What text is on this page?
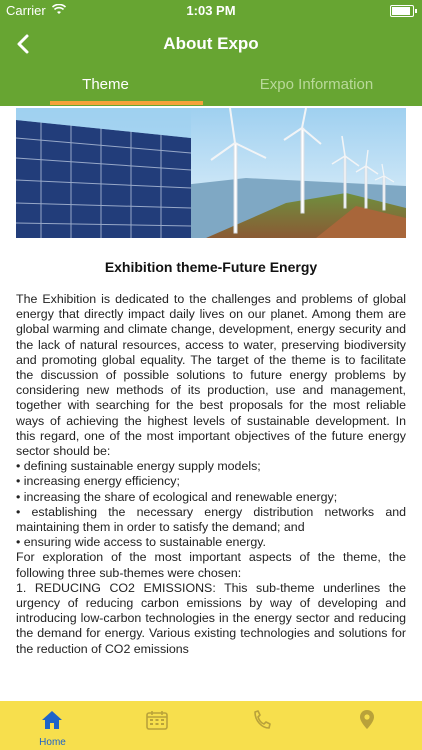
Carrier	1:03 PM
About Expo
Theme	Expo Information
Exhibition theme-Future Energy

The Exhibition is dedicated to the challenges and problems of global energy that directly impact daily lives on our planet. Among them are global warming and climate change, development, energy security and the lack of natural resources, access to water, preserving biodiversity and promoting global equality. The target of the theme is to facilitate the discussion of possible solutions to future energy problems by considering new methods of its production, use and management, together with searching for the best proposals for the most reliable ways of achieving the highest levels of sustainable development. In this regard, one of the most important objectives of the future energy sector should be:

• defining sustainable energy supply models;

• increasing energy efficiency;

• increasing the share of ecological and renewable energy;

• establishing the necessary energy distribution networks and maintaining them in order to satisfy the demand; and

• ensuring wide access to sustainable energy.

For exploration of the most important aspects of the theme, the following three sub-themes were chosen:

1. REDUCING CO2 EMISSIONS: This sub-theme underlines the urgency of reducing carbon emissions by way of developing and introducing low-carbon technologies in the energy sector and reducing the demand for energy. Various existing technologies and solutions for the reduction of CO2 emissions

Home
